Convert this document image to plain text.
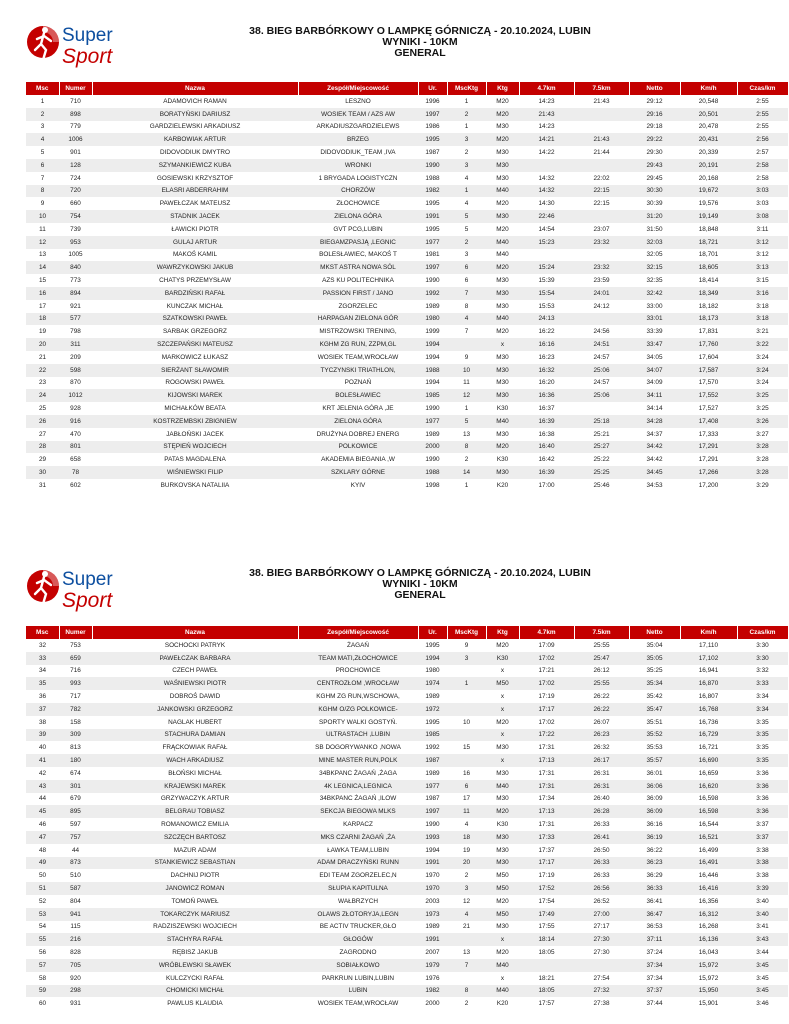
Super
Sport
38. BIEG BARBÓRKOWY O LAMPKĘ GÓRNICZĄ - 20.10.2024, LUBIN
WYNIKI - 10KM
GENERAL
Msc	Numer	Nazwa	Zespół/Miejscowość	Ur.	MscKtg	Ktg	4.7km	7.5km	Netto	Km/h	Czas/km
1	710	ADAMOVICH RAMAN	LESZNO	1996	1	M20	14:23	21:43	29:12	20,548	2:55
2	898	BORATYŃSKI DARIUSZ	WOSIEK TEAM / AZS AW	1997	2	M20	21:43		29:16	20,501	2:55
3	779	GARDZIELEWSKI ARKADIUSZ	ARKADIUSZGARDZIELEWS	1986	1	M30	14:23		29:18	20,478	2:55
4	1006	KARBOWIAK ARTUR	BRZEG	1995	3	M20	14:21	21:43	29:22	20,431	2:56
5	901	DIDOVODIUK DMYTRO	DIDOVODIUK_TEAM ,IVA	1987	2	M30	14:22	21:44	29:30	20,339	2:57
6	128	SZYMANKIEWICZ KUBA	WRONKI	1990	3	M30			29:43	20,191	2:58
7	724	GOSIEWSKI KRZYSZTOF	1 BRYGADA LOGISTYCZN	1988	4	M30	14:32	22:02	29:45	20,168	2:58
8	720	ELASRI ABDERRAHIM	CHORZÓW	1982	1	M40	14:32	22:15	30:30	19,672	3:03
9	660	PAWEŁCZAK MATEUSZ	ZŁOCHOWICE	1995	4	M20	14:30	22:15	30:39	19,576	3:03
10	754	STADNIK JACEK	ZIELONA GÓRA	1991	5	M30	22:46		31:20	19,149	3:08
11	739	ŁAWICKI PIOTR	GVT PCG,LUBIN	1995	5	M20	14:54	23:07	31:50	18,848	3:11
12	953	GULAJ ARTUR	BIEGAMZPASJĄ ,LEGNIC	1977	2	M40	15:23	23:32	32:03	18,721	3:12
13	1005	MAKOŚ KAMIL	BOLESŁAWIEC, MAKOŚ T	1981	3	M40			32:05	18,701	3:12
14	840	WAWRZYKOWSKI JAKUB	MKST ASTRA NOWA SÓL	1997	6	M20	15:24	23:32	32:15	18,605	3:13
15	773	CHATYS PRZEMYSŁAW	AZS KU POLITECHNIKA	1990	6	M30	15:39	23:59	32:35	18,414	3:15
16	894	BARDZIŃSKI RAFAŁ	PASSION FIRST / JANO	1992	7	M30	15:54	24:01	32:42	18,349	3:16
17	921	KUNCZAK MICHAŁ	ZGORZELEC	1989	8	M30	15:53	24:12	33:00	18,182	3:18
18	577	SZATKOWSKI PAWEŁ	HARPAGAN ZIELONA GÓR	1980	4	M40	24:13		33:01	18,173	3:18
19	798	SARBAK GRZEGORZ	MISTRZOWSKI TRENING,	1999	7	M20	16:22	24:56	33:39	17,831	3:21
20	311	SZCZEPAŃSKI MATEUSZ	KGHM ZG RUN, ZZPM,GL	1994		x	16:16	24:51	33:47	17,760	3:22
21	209	MARKOWICZ ŁUKASZ	WOSIEK TEAM,WROCŁAW	1994	9	M30	16:23	24:57	34:05	17,604	3:24
22	598	SIERŻANT SŁAWOMIR	TYCZYNSKI TRIATHLON,	1988	10	M30	16:32	25:06	34:07	17,587	3:24
23	870	ROGOWSKI PAWEŁ	POZNAŃ	1994	11	M30	16:20	24:57	34:09	17,570	3:24
24	1012	KIJOWSKI MAREK	BOLESŁAWIEC	1985	12	M30	16:36	25:06	34:11	17,552	3:25
25	928	MICHAŁKÓW BEATA	KRT JELENIA GÓRA ,JE	1990	1	K30	16:37		34:14	17,527	3:25
26	916	KOSTRZEMBSKI ZBIGNIEW	ZIELONA GÓRA	1977	5	M40	16:39	25:18	34:28	17,408	3:26
27	470	JABŁOŃSKI JACEK	DRUŻYNA DOBREJ ENERG	1989	13	M30	16:38	25:21	34:37	17,333	3:27
28	801	STĘPIEŃ WOJCIECH	POLKOWICE	2000	8	M20	16:40	25:27	34:42	17,291	3:28
29	658	PATAS MAGDALENA	AKADEMIA BIEGANIA ,W	1990	2	K30	16:42	25:22	34:42	17,291	3:28
30	78	WIŚNIEWSKI FILIP	SZKLARY GÓRNE	1988	14	M30	16:39	25:25	34:45	17,266	3:28
31	602	BURKOVSKA NATALIIA	KYIV	1998	1	K20	17:00	25:46	34:53	17,200	3:29
Super
Sport
38. BIEG BARBÓRKOWY O LAMPKĘ GÓRNICZĄ - 20.10.2024, LUBIN
WYNIKI - 10KM
GENERAL
Msc	Numer	Nazwa	Zespół/Miejscowość	Ur.	MscKtg	Ktg	4.7km	7.5km	Netto	Km/h	Czas/km
32	753	SOCHOCKI PATRYK	ŻAGAŃ	1995	9	M20	17:09	25:55	35:04	17,110	3:30
33	659	PAWEŁCZAK BARBARA	TEAM MATI,ZŁOCHOWICE	1994	3	K30	17:02	25:47	35:05	17,102	3:30
34	716	CZECH PAWEŁ	PROCHOWICE	1980		x	17:21	26:12	35:25	16,941	3:32
35	993	WAŚNIEWSKI PIOTR	CENTROZŁOM ,WROCŁAW	1974	1	M50	17:02	25:55	35:34	16,870	3:33
36	717	DOBROŚ DAWID	KGHM ZG RUN,WSCHOWA,	1989		x	17:19	26:22	35:42	16,807	3:34
37	782	JANKOWSKI GRZEGORZ	KGHM O/ZG POLKOWICE-	1972		x	17:17	26:22	35:47	16,768	3:34
38	158	NAGLAK HUBERT	SPORTY WALKI GOSTYŃ.	1995	10	M20	17:02	26:07	35:51	16,736	3:35
39	309	STACHURA DAMIAN	ULTRASTACH ,LUBIN	1985		x	17:22	26:23	35:52	16,729	3:35
40	813	FRĄCKOWIAK RAFAŁ	SB DOGORYWANKO ,NOWA	1992	15	M30	17:31	26:32	35:53	16,721	3:35
41	180	WACH ARKADIUSZ	MINE MASTER RUN,POLK	1987		x	17:13	26:17	35:57	16,690	3:35
42	674	BŁOŃSKI MICHAŁ	34BKPANC ŻAGAŃ ,ŻAGA	1989	16	M30	17:31	26:31	36:01	16,659	3:36
43	301	KRAJEWSKI MAREK	4K LEGNICA,LEGNICA	1977	6	M40	17:31	26:31	36:06	16,620	3:36
44	679	GRZYWACZYK ARTUR	34BKPANC ŻAGAŃ ,ILOW	1987	17	M30	17:34	26:40	36:09	16,598	3:36
45	895	BELGRAU TOBIASZ	SEKCJA BIEGOWA MLKS	1997	11	M20	17:13	26:28	36:09	16,598	3:36
46	597	ROMANOWICZ EMILIA	KARPACZ	1990	4	K30	17:31	26:33	36:16	16,544	3:37
47	757	SZCZĘCH BARTOSZ	MKS CZARNI ŻAGAŃ ,ŻA	1993	18	M30	17:33	26:41	36:19	16,521	3:37
48	44	MAZUR ADAM	ŁAWKA TEAM,LUBIN	1994	19	M30	17:37	26:50	36:22	16,499	3:38
49	873	STANKIEWICZ SEBASTIAN	ADAM DRACZYŃSKI RUNN	1991	20	M30	17:17	26:33	36:23	16,491	3:38
50	510	DACHNIJ PIOTR	EDI TEAM ZGORZELEC,N	1970	2	M50	17:19	26:33	36:29	16,446	3:38
51	587	JANOWICZ ROMAN	SŁUPIA KAPITULNA	1970	3	M50	17:52	26:56	36:33	16,416	3:39
52	804	TOMOŃ PAWEŁ	WAŁBRZYCH	2003	12	M20	17:54	26:52	36:41	16,356	3:40
53	941	TOKARCZYK MARIUSZ	OLAWS ZŁOTORYJA,LEGN	1973	4	M50	17:49	27:00	36:47	16,312	3:40
54	115	RADZISZEWSKI WOJCIECH	BE ACTIV TRUCKER,GŁO	1989	21	M30	17:55	27:17	36:53	16,268	3:41
55	216	STACHYRA RAFAŁ	GŁOGÓW	1991		x	18:14	27:30	37:11	16,136	3:43
56	828	RĘBISZ JAKUB	ZAGRODNO	2007	13	M20	18:05	27:30	37:24	16,043	3:44
57	705	WRÓBLEWSKI SŁAWEK	SOBIAŁKOWO	1979	7	M40			37:34	15,972	3:45
58	920	KULCZYCKI RAFAŁ	PARKRUN LUBIN,LUBIN	1976		x	18:21	27:54	37:34	15,972	3:45
59	298	CHOMICKI MICHAŁ	LUBIN	1982	8	M40	18:05	27:32	37:37	15,950	3:45
60	931	PAWLUS KLAUDIA	WOSIEK TEAM,WROCŁAW	2000	2	K20	17:57	27:38	37:44	15,901	3:46
